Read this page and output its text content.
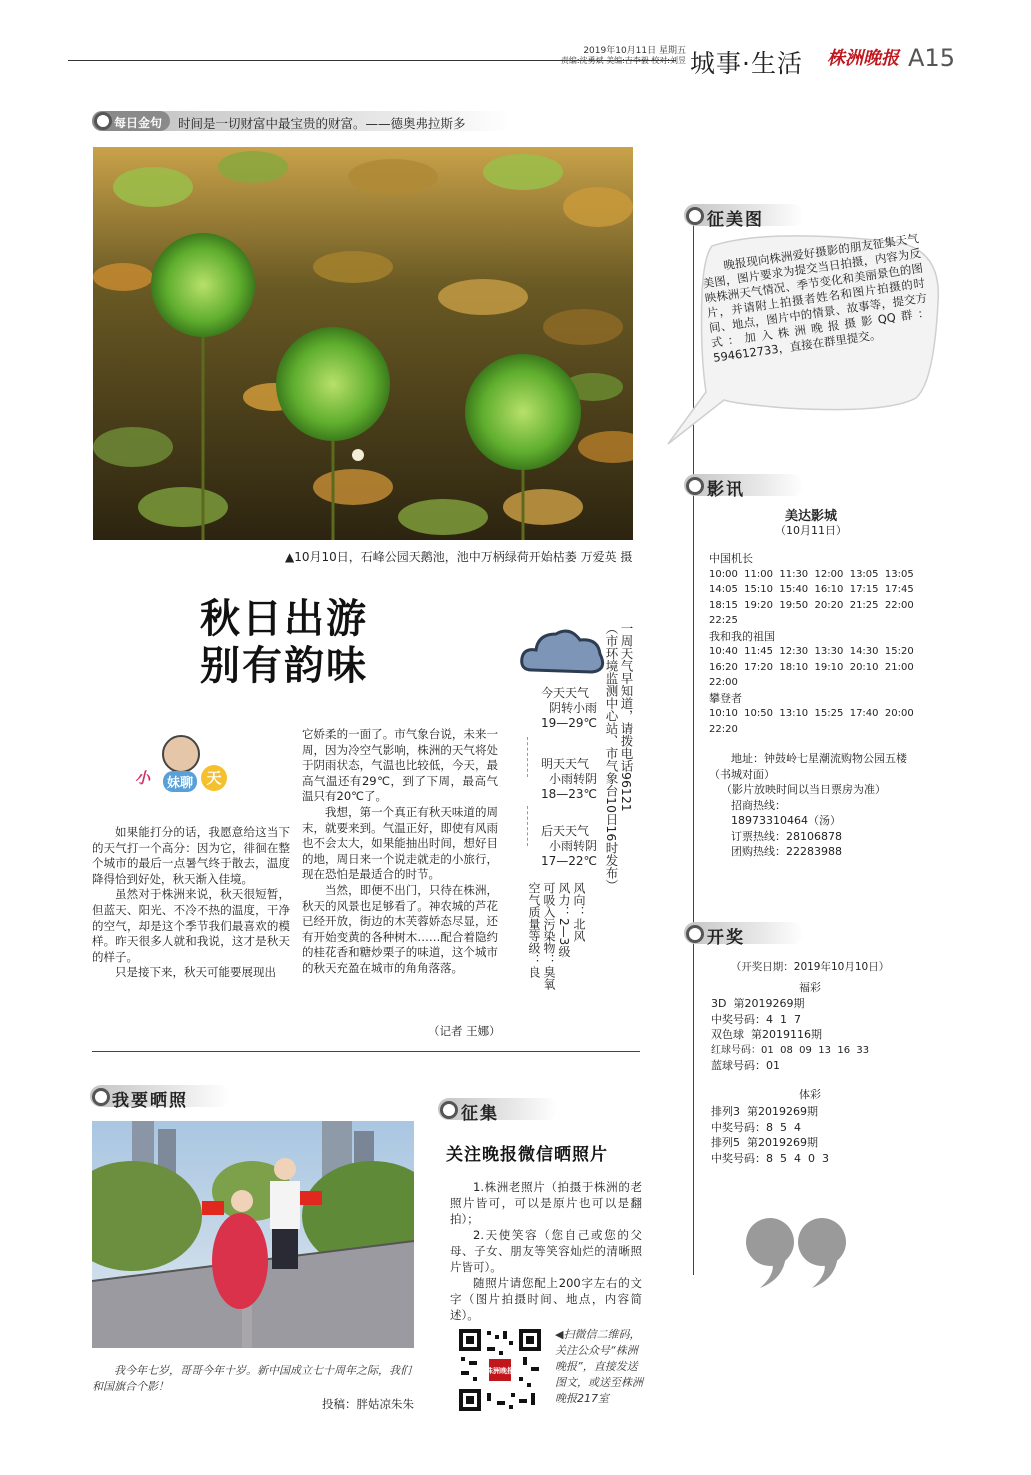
2019年10月11日 星期五
责编:沈勇斌 美编:吉李毅 校对:刘昱 城事·生活 株洲晚报 A15
每日金句 时间是一切财富中最宝贵的财富。——德奥弗拉斯多
▲10月10日，石峰公园天鹅池，池中万柄绿荷开始枯萎 万爱英 摄
秋日出游
别有韵味
小	妹聊 天

如果能打分的话，我愿意给这当下的天气打一个高分：因为它，徘徊在整个城市的最后一点暑气终于散去，温度降得恰到好处，秋天渐入佳境。

虽然对于株洲来说，秋天很短暂，但蓝天、阳光、不冷不热的温度，干净的空气，却是这个季节我们最喜欢的模样。昨天很多人就和我说，这才是秋天的样子。

只是接下来，秋天可能要展现出

它娇柔的一面了。市气象台说，未来一周，因为冷空气影响，株洲的天气将处于阴雨状态，气温也比较低，今天，最高气温还有29℃，到了下周，最高气温只有20℃了。

我想，第一个真正有秋天味道的周末，就要来到。气温正好，即使有风雨也不会太大，如果能抽出时间，想好目的地，周日来一个说走就走的小旅行，现在恐怕是最适合的时节。

当然，即便不出门，只待在株洲，秋天的风景也足够看了。神农城的芦花已经开放，街边的木芙蓉娇态尽显，还有开始变黄的各种树木……配合着隐约的桂花香和糖炒栗子的味道，这个城市的秋天充盈在城市的角角落落。

（记者 王娜）
今天天气
阴转小雨
19—29℃
明天天气
小雨转阴
18—23℃
后天天气
小雨转阴
17—22℃
风向：北风
风力：2—3级
可吸入污染物：臭氧
空气质量等级：良
一周天气早知道，请拨电话96121
（市环境监测中心站、市气象台10日16时发布）
征美图
晚报现向株洲爱好摄影的朋友征集天气美图，图片要求为提交当日拍摄，内容为反映株洲天气情况、季节变化和美丽景色的图片，并请附上拍摄者姓名和图片拍摄的时间、地点，图片中的情景、故事等，提交方式：加入株洲晚报摄影QQ群：594612733，直接在群里提交。
影讯
美达影城
（10月11日）
中国机长
10:00  11:00  11:30  12:00  13:05  13:05
14:05  15:10  15:40  16:10  17:15  17:45
18:15  19:20  19:50  20:20  21:25  22:00
22:25
我和我的祖国
10:40  11:45  12:30  13:30  14:30  15:20
16:20  17:20  18:10  19:10  20:10  21:00
22:00
攀登者
10:10  10:50  13:10  15:25  17:40  20:00
22:20
地址：钟鼓岭七星潮流购物公园五楼（书城对面）
（影片放映时间以当日票房为准）
招商热线：
18973310464（汤）
订票热线：28106878
团购热线：22283988
开奖
（开奖日期：2019年10月10日）
福彩
3D  第2019269期
中奖号码：4  1  7
双色球  第2019116期
红球号码：01  08  09  13  16  33
蓝球号码：01
体彩
排列3  第2019269期
中奖号码：8  5  4
排列5  第2019269期
中奖号码：8  5  4  0  3
我要晒照
我今年七岁，哥哥今年十岁。新中国成立七十周年之际，我们和国旗合个影！
投稿：胖姑凉朱朱
征集
关注晚报微信晒照片

1.株洲老照片（拍摄于株洲的老照片皆可，可以是原片也可以是翻拍）；

2.天使笑容（您自己或您的父母、子女、朋友等笑容灿烂的清晰照片皆可）。

随照片请您配上200字左右的文字（图片拍摄时间、地点，内容简述）。

株洲晚报
◀扫微信二维码，关注公众号“株洲晚报”，直接发送图文，或送至株洲晚报217室
